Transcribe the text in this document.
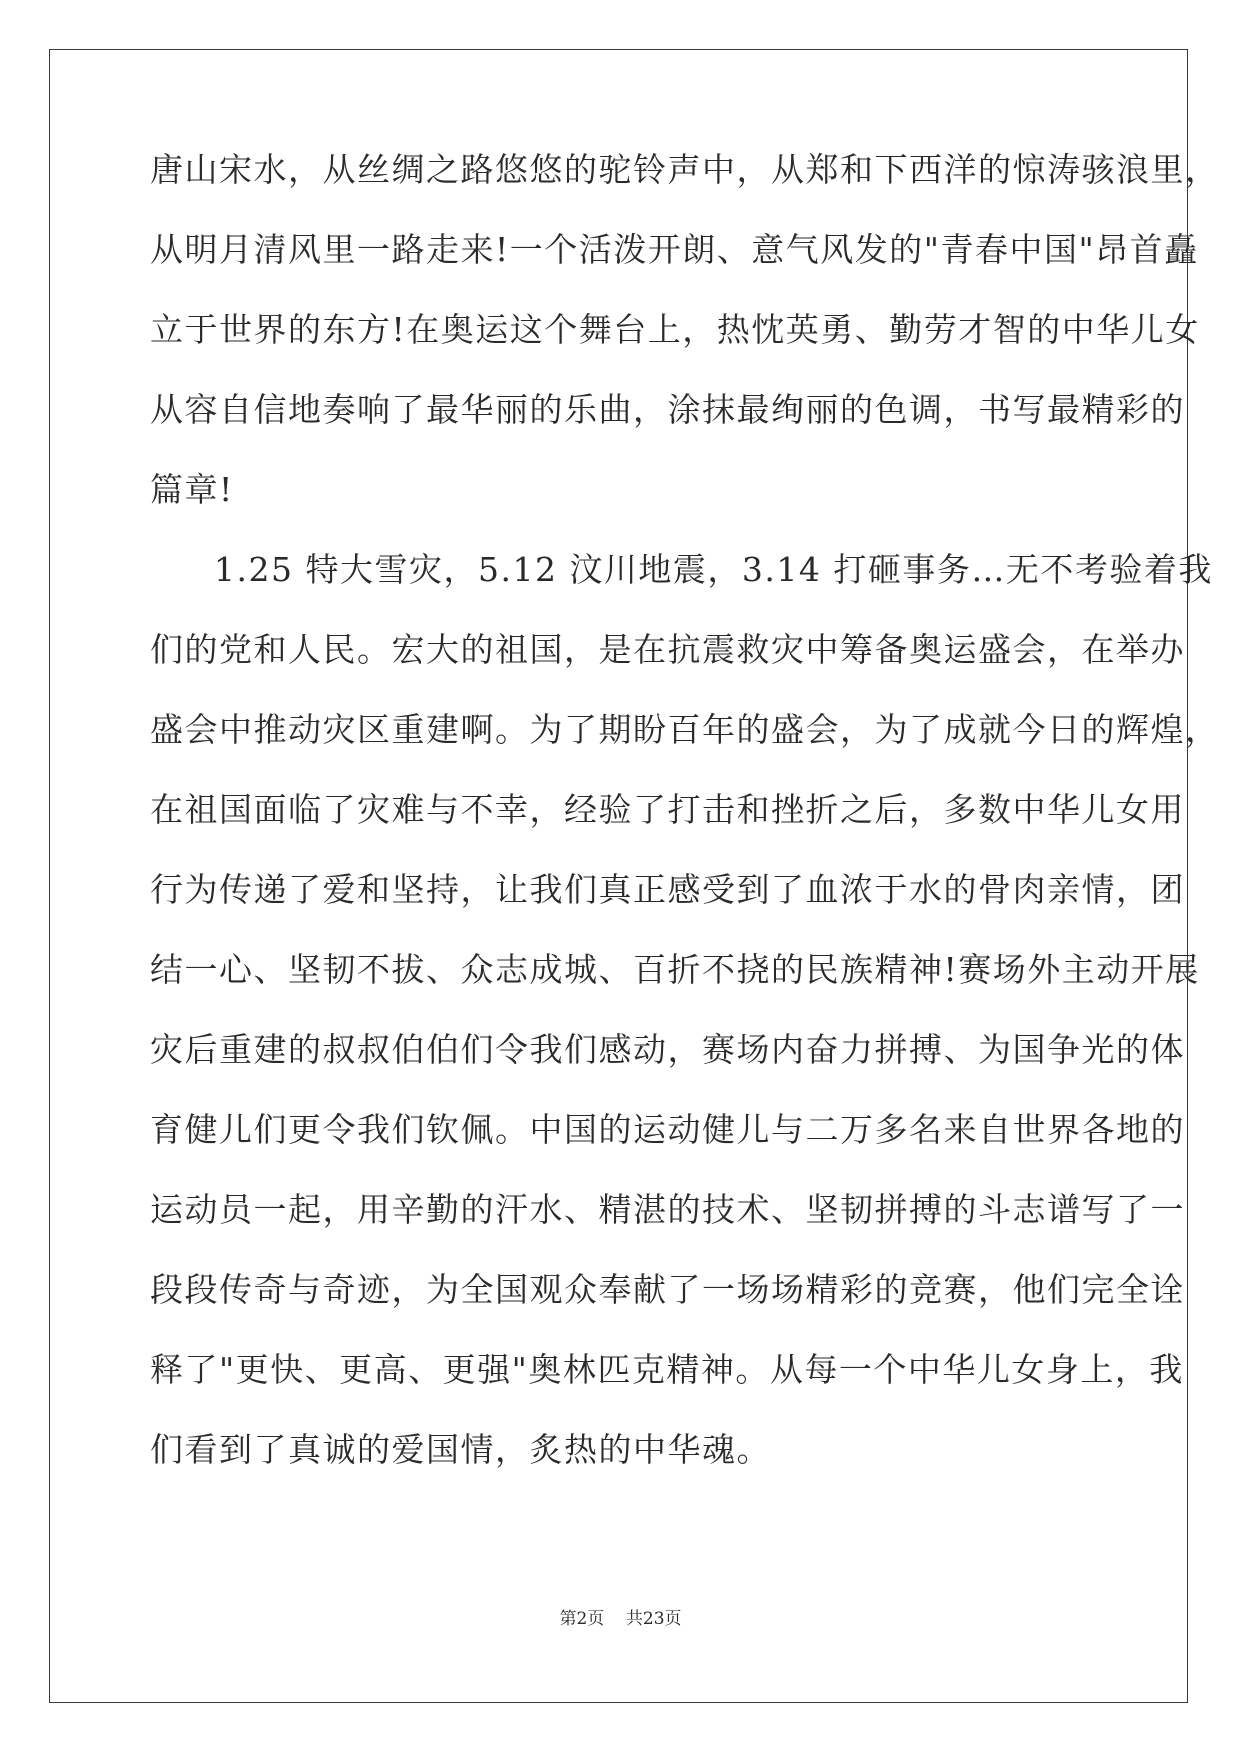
唐山宋水，从丝绸之路悠悠的驼铃声中，从郑和下西洋的惊涛骇浪里，
从明月清风里一路走来!一个活泼开朗、意气风发的"青春中国"昂首矗
立于世界的东方!在奥运这个舞台上，热忱英勇、勤劳才智的中华儿女
从容自信地奏响了最华丽的乐曲，涂抹最绚丽的色调，书写最精彩的
篇章!
1.25 特大雪灾，5.12 汶川地震，3.14 打砸事务…无不考验着我
们的党和人民。宏大的祖国，是在抗震救灾中筹备奥运盛会，在举办
盛会中推动灾区重建啊。为了期盼百年的盛会，为了成就今日的辉煌，
在祖国面临了灾难与不幸，经验了打击和挫折之后，多数中华儿女用
行为传递了爱和坚持，让我们真正感受到了血浓于水的骨肉亲情，团
结一心、坚韧不拔、众志成城、百折不挠的民族精神!赛场外主动开展
灾后重建的叔叔伯伯们令我们感动，赛场内奋力拼搏、为国争光的体
育健儿们更令我们钦佩。中国的运动健儿与二万多名来自世界各地的
运动员一起，用辛勤的汗水、精湛的技术、坚韧拼搏的斗志谱写了一
段段传奇与奇迹，为全国观众奉献了一场场精彩的竞赛，他们完全诠
释了"更快、更高、更强"奥林匹克精神。从每一个中华儿女身上，我
们看到了真诚的爱国情，炙热的中华魂。
第2页    共23页
